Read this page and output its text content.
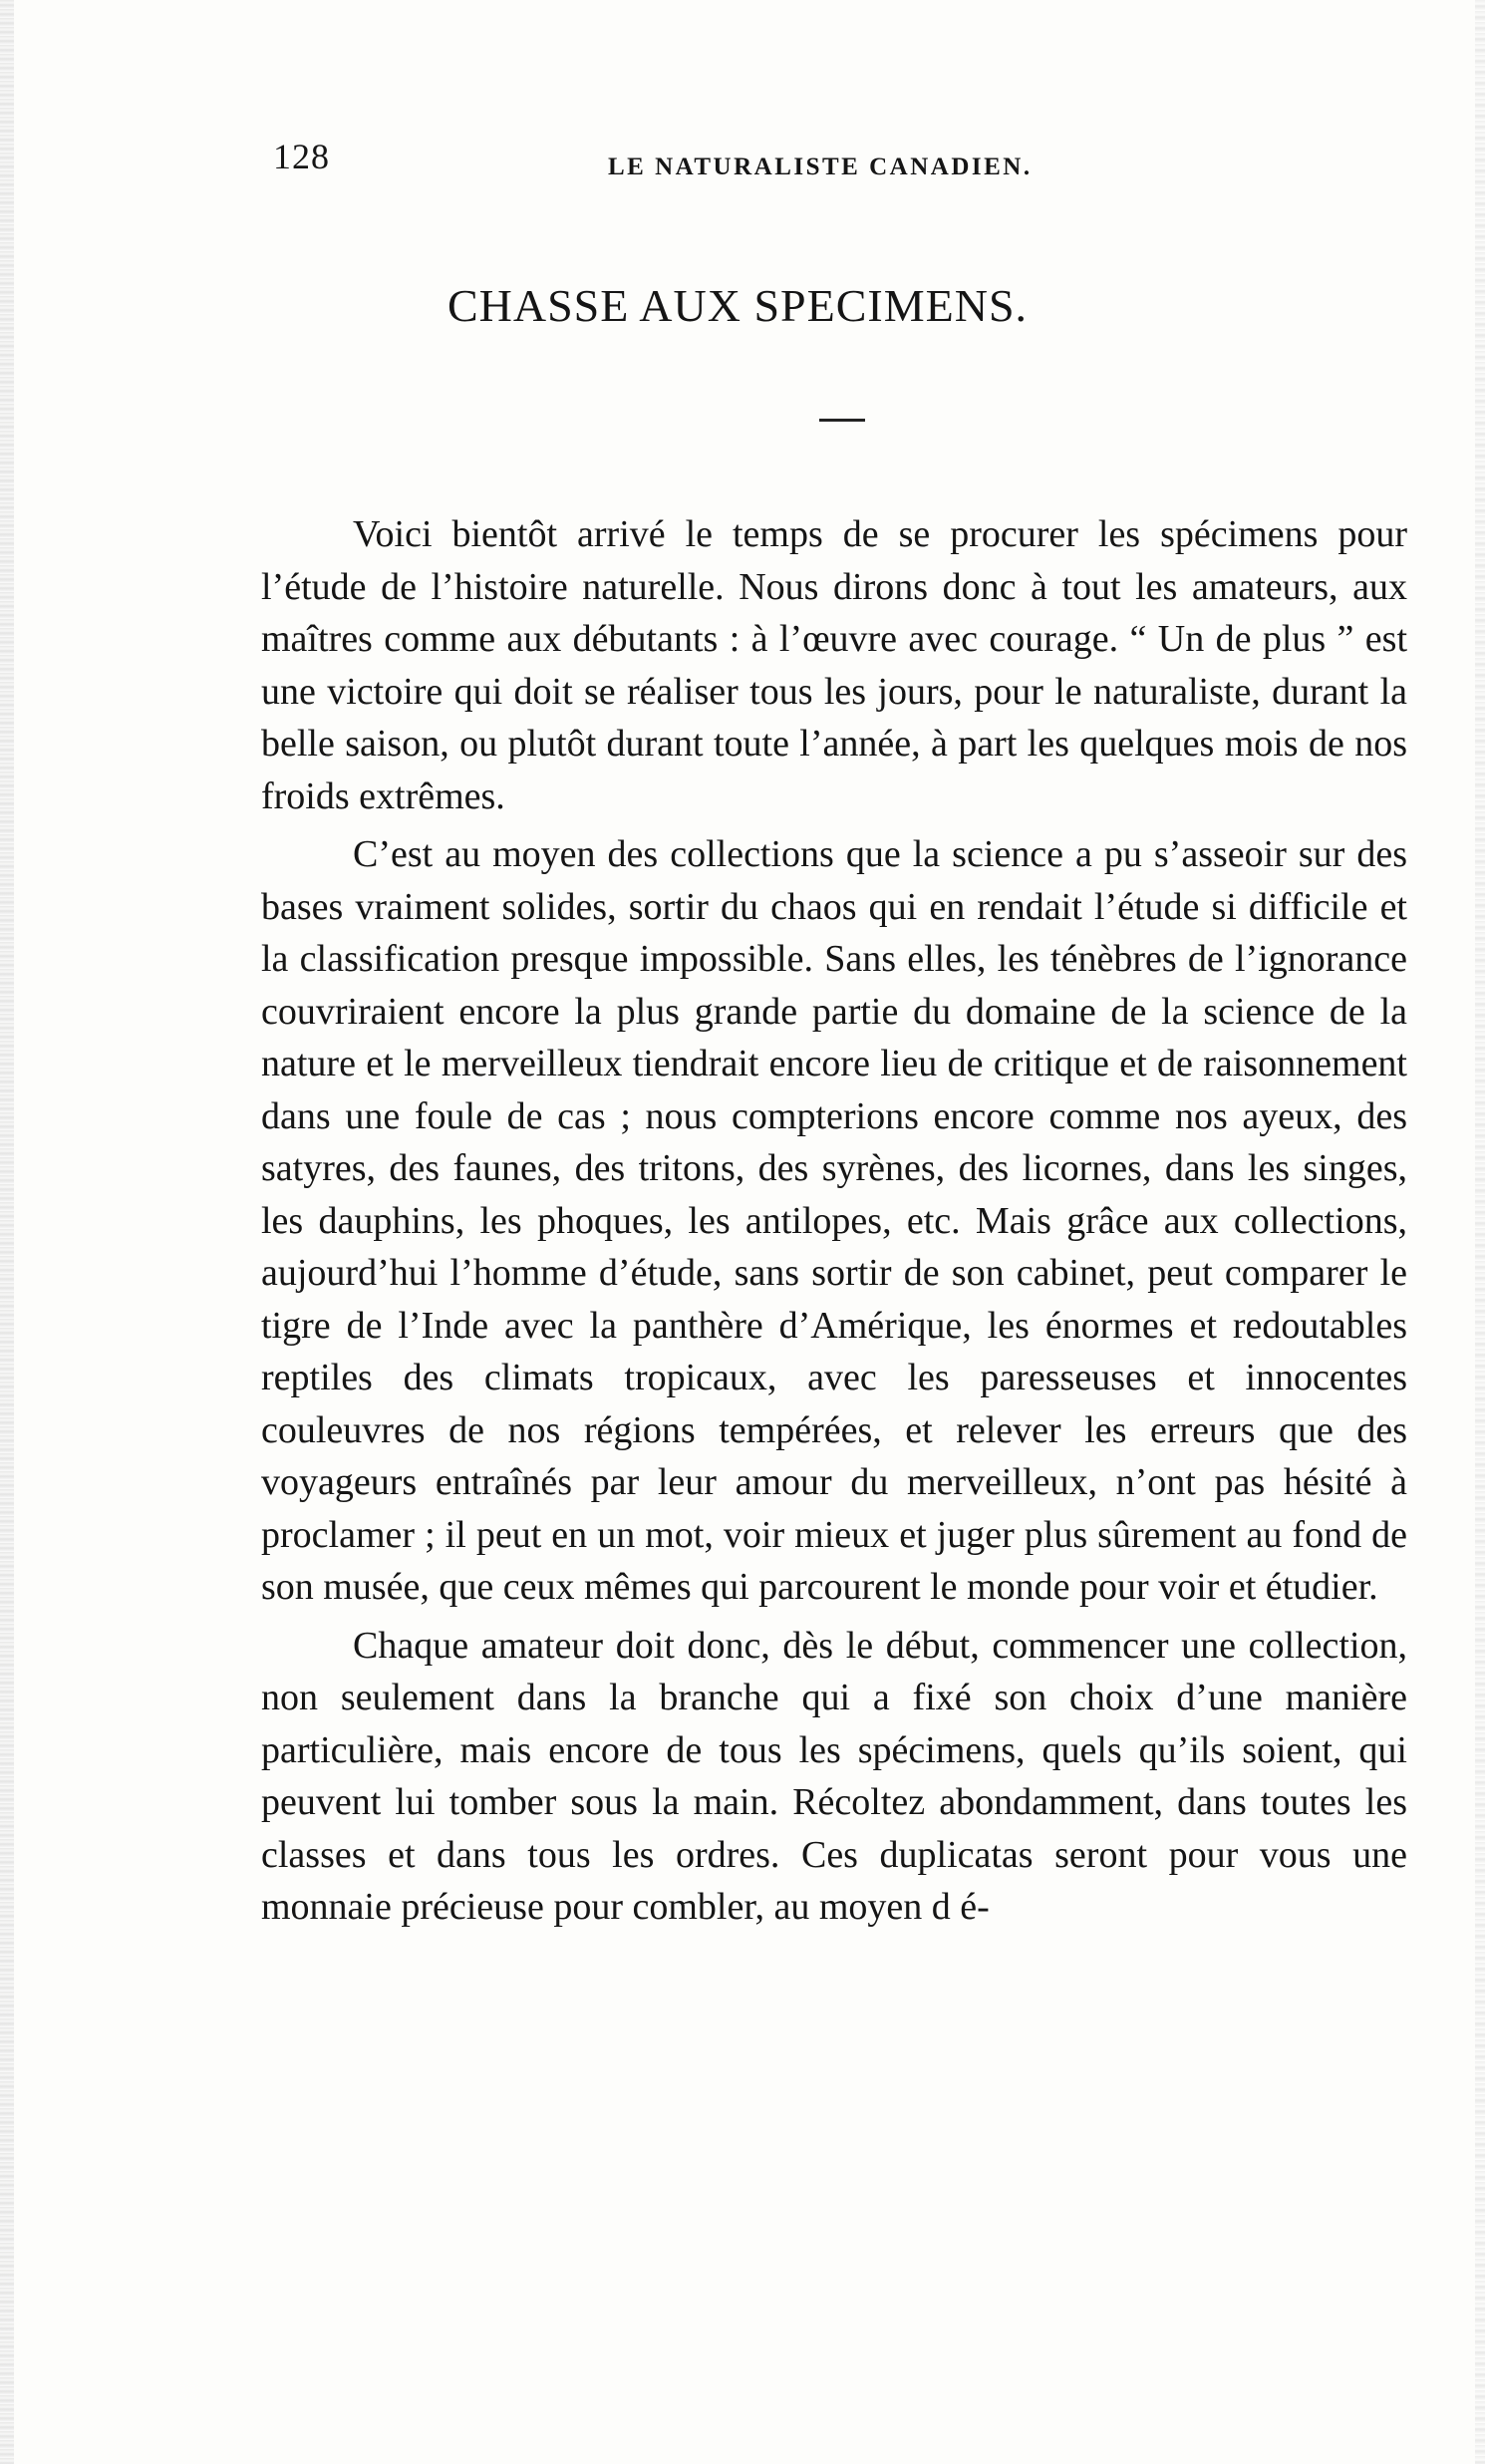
128	LE NATURALISTE CANADIEN.
CHASSE AUX SPECIMENS.

Voici bientôt arrivé le temps de se procurer les spécimens pour l’étude de l’histoire naturelle. Nous dirons donc à tout les amateurs, aux maîtres comme aux débutants : à l’œuvre avec courage. “ Un de plus ” est une victoire qui doit se réaliser tous les jours, pour le naturaliste, durant la belle saison, ou plutôt durant toute l’année, à part les quelques mois de nos froids extrêmes.

C’est au moyen des collections que la science a pu s’asseoir sur des bases vraiment solides, sortir du chaos qui en rendait l’étude si difficile et la classification presque impossible. Sans elles, les ténèbres de l’ignorance couvriraient encore la plus grande partie du domaine de la science de la nature et le merveilleux tiendrait encore lieu de critique et de raisonnement dans une foule de cas ; nous compterions encore comme nos ayeux, des satyres, des faunes, des tritons, des syrènes, des licornes, dans les singes, les dauphins, les phoques, les antilopes, etc. Mais grâce aux collections, aujourd’hui l’homme d’étude, sans sortir de son cabinet, peut comparer le tigre de l’Inde avec la panthère d’Amérique, les énormes et redoutables reptiles des climats tropicaux, avec les paresseuses et innocentes couleuvres de nos régions tempérées, et relever les erreurs que des voyageurs entraînés par leur amour du merveilleux, n’ont pas hésité à proclamer ; il peut en un mot, voir mieux et juger plus sûrement au fond de son musée, que ceux mêmes qui parcourent le monde pour voir et étudier.

Chaque amateur doit donc, dès le début, commencer une collection, non seulement dans la branche qui a fixé son choix d’une manière particulière, mais encore de tous les spécimens, quels qu’ils soient, qui peuvent lui tomber sous la main. Récoltez abondamment, dans toutes les classes et dans tous les ordres. Ces duplicatas seront pour vous une monnaie précieuse pour combler, au moyen d é-
